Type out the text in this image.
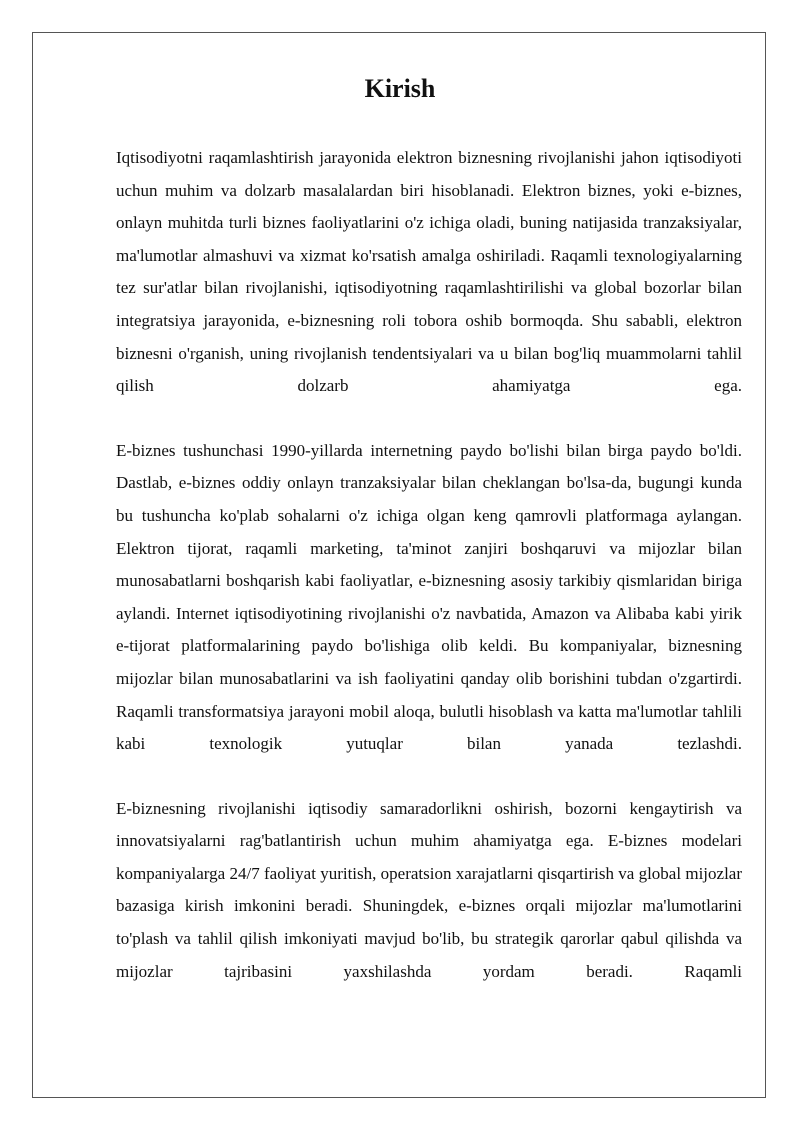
Kirish

Iqtisodiyotni raqamlashtirish jarayonida elektron biznesning rivojlanishi jahon iqtisodiyoti uchun muhim va dolzarb masalalardan biri hisoblanadi. Elektron biznes, yoki e-biznes, onlayn muhitda turli biznes faoliyatlarini o'z ichiga oladi, buning natijasida tranzaksiyalar, ma'lumotlar almashuvi va xizmat ko'rsatish amalga oshiriladi. Raqamli texnologiyalarning tez sur'atlar bilan rivojlanishi, iqtisodiyotning raqamlashtirilishi va global bozorlar bilan integratsiya jarayonida, e-biznesning roli tobora oshib bormoqda. Shu sababli, elektron biznesni o'rganish, uning rivojlanish tendentsiyalari va u bilan bog'liq muammolarni tahlil qilish dolzarb ahamiyatga ega.

E-biznes tushunchasi 1990-yillarda internetning paydo bo'lishi bilan birga paydo bo'ldi. Dastlab, e-biznes oddiy onlayn tranzaksiyalar bilan cheklangan bo'lsa-da, bugungi kunda bu tushuncha ko'plab sohalarni o'z ichiga olgan keng qamrovli platformaga aylangan. Elektron tijorat, raqamli marketing, ta'minot zanjiri boshqaruvi va mijozlar bilan munosabatlarni boshqarish kabi faoliyatlar, e-biznesning asosiy tarkibiy qismlaridan biriga aylandi. Internet iqtisodiyotining rivojlanishi o'z navbatida, Amazon va Alibaba kabi yirik e-tijorat platformalarining paydo bo'lishiga olib keldi. Bu kompaniyalar, biznesning mijozlar bilan munosabatlarini va ish faoliyatini qanday olib borishini tubdan o'zgartirdi. Raqamli transformatsiya jarayoni mobil aloqa, bulutli hisoblash va katta ma'lumotlar tahlili kabi texnologik yutuqlar bilan yanada tezlashdi.

E-biznesning rivojlanishi iqtisodiy samaradorlikni oshirish, bozorni kengaytirish va innovatsiyalarni rag'batlantirish uchun muhim ahamiyatga ega. E-biznes modelari kompaniyalarga 24/7 faoliyat yuritish, operatsion xarajatlarni qisqartirish va global mijozlar bazasiga kirish imkonini beradi. Shuningdek, e-biznes orqali mijozlar ma'lumotlarini to'plash va tahlil qilish imkoniyati mavjud bo'lib, bu strategik qarorlar qabul qilishda va mijozlar tajribasini yaxshilashda yordam beradi. Raqamli
